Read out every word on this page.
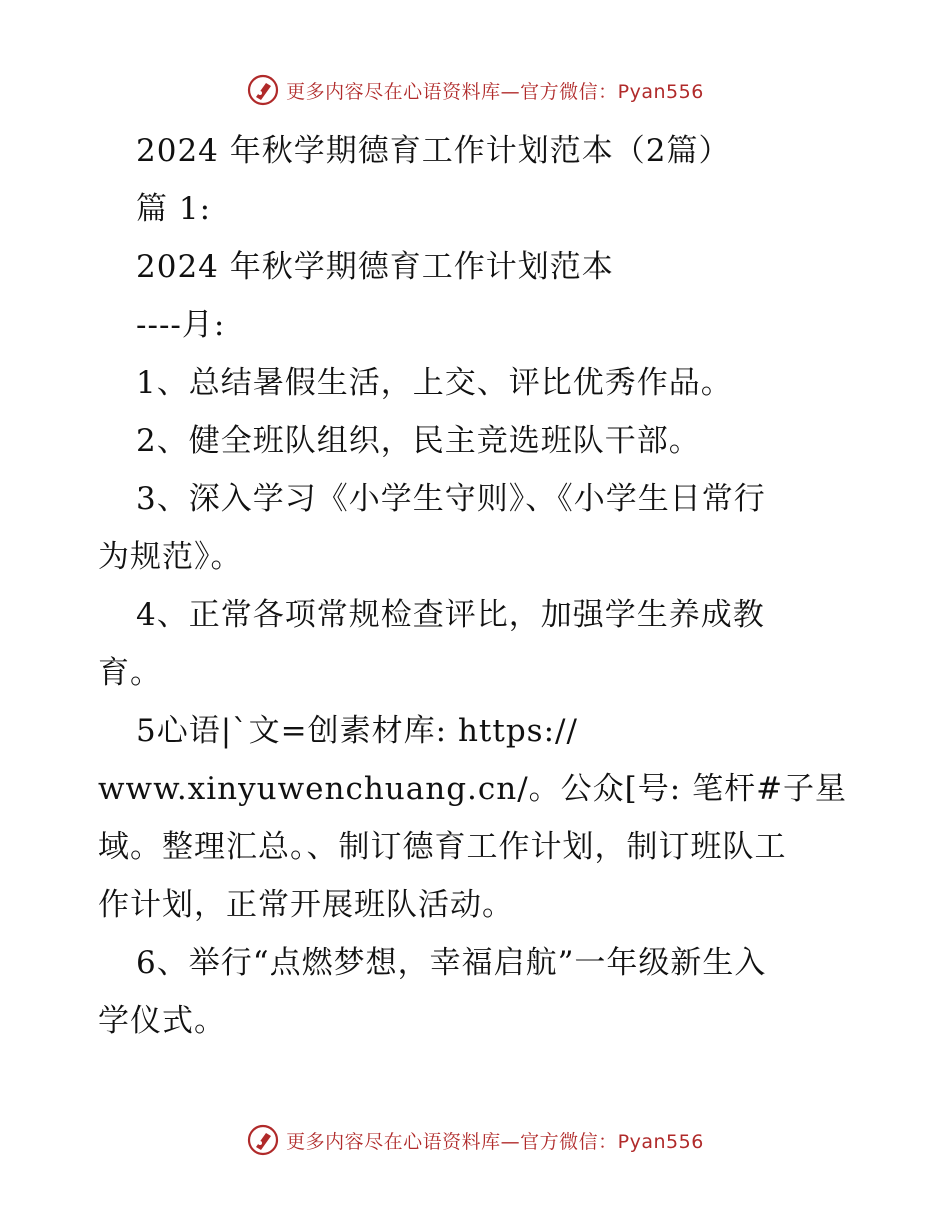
更多内容尽在心语资料库—官方微信：Pyan556
2024 年秋学期德育工作计划范本（2篇）
篇 1:
2024 年秋学期德育工作计划范本
----月:
1、总结暑假生活，上交、评比优秀作品。
2、健全班队组织，民主竞选班队干部。
3、深入学习《小学生守则》、《小学生日常行
为规范》。
4、正常各项常规检查评比，加强学生养成教
育。
5心语|`文=创素材库: https://
www.xinyuwenchuang.cn/。公众[号: 笔杆#子星
域。整理汇总。、制订德育工作计划，制订班队工
作计划，正常开展班队活动。
6、举行“点燃梦想，幸福启航”一年级新生入
学仪式。
更多内容尽在心语资料库—官方微信：Pyan556
